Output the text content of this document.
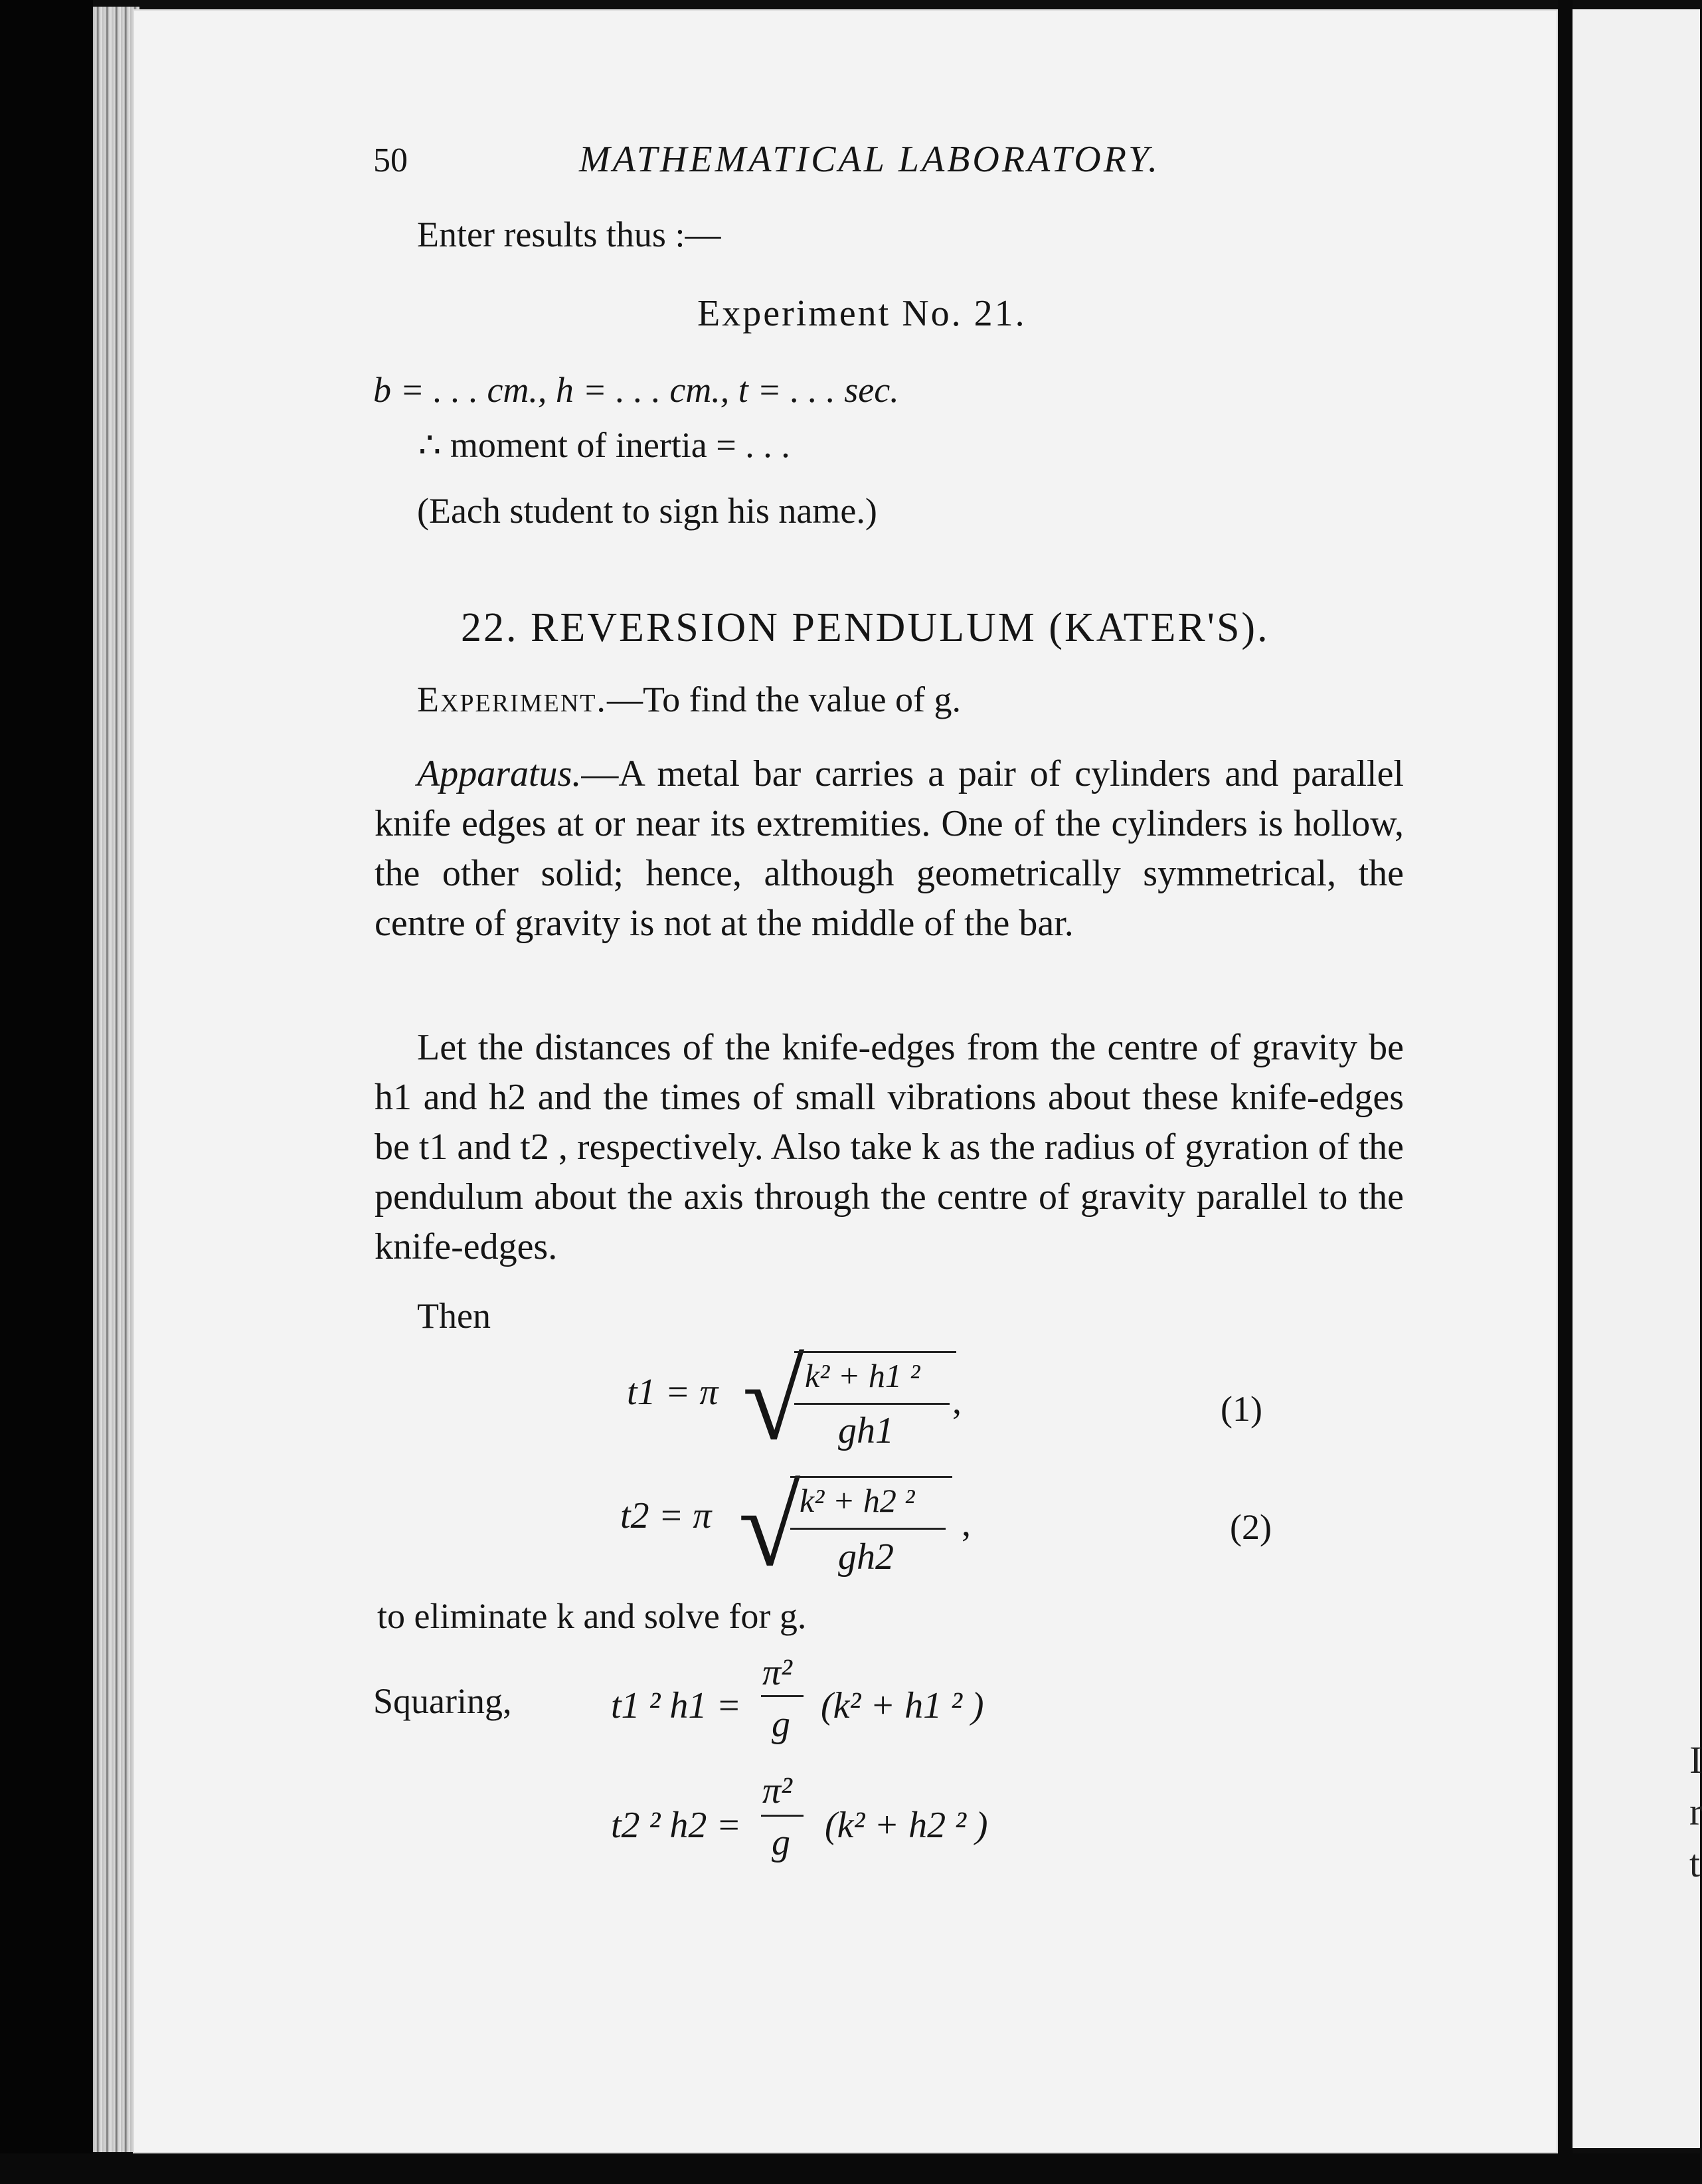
I
r
t
50	MATHEMATICAL LABORATORY.
Enter results thus :—
Experiment No. 21.
b = . . . cm., h = . . . cm., t = . . . sec.
∴ moment of inertia = . . .
(Each student to sign his name.)
22. REVERSION PENDULUM (KATER'S).
Experiment.—To find the value of g.
Apparatus.—A metal bar carries a pair of cylinders and parallel knife edges at or near its extremities. One of the cylinders is hollow, the other solid; hence, although geometrically symmetrical, the centre of gravity is not at the middle of the bar.
Let the distances of the knife-edges from the centre of gravity be h1 and h2 and the times of small vibrations about these knife-edges be t1 and t2 , respectively. Also take k as the radius of gyration of the pendulum about the axis through the centre of gravity parallel to the knife-edges.
Then
t1 = π √ k² + h1 ²
gh1
,	(1)
t2 = π √
k² + h2 ²
gh2
,	(2)
to eliminate k and solve for g.
Squaring,	t1 ² h1 =
π²
g (k² + h1 ² )
t2 ² h2 =
π²
g (k² + h2 ² )
